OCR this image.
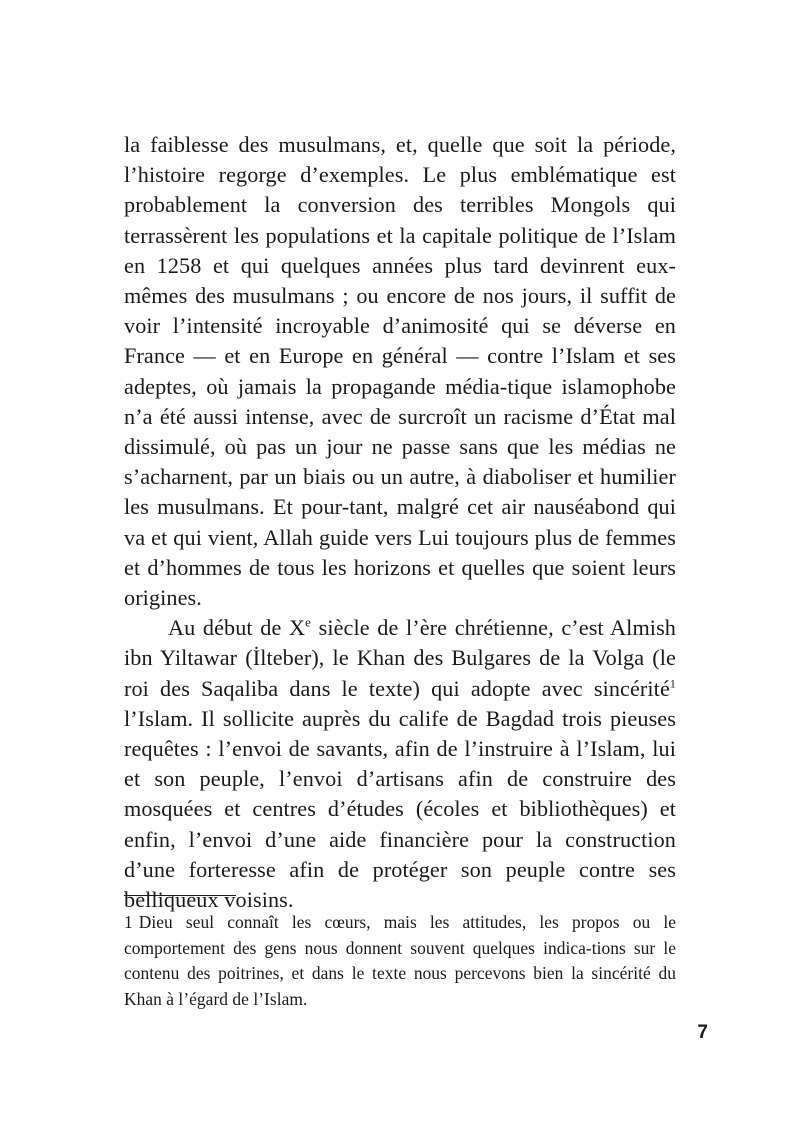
la faiblesse des musulmans, et, quelle que soit la période, l’histoire regorge d’exemples. Le plus emblématique est probablement la conversion des terribles Mongols qui terrassèrent les populations et la capitale politique de l’Islam en 1258 et qui quelques années plus tard devinrent eux-mêmes des musulmans ; ou encore de nos jours, il suffit de voir l’intensité incroyable d’animosité qui se déverse en France — et en Europe en général — contre l’Islam et ses adeptes, où jamais la propagande média-tique islamophobe n’a été aussi intense, avec de surcroît un racisme d’État mal dissimulé, où pas un jour ne passe sans que les médias ne s’acharnent, par un biais ou un autre, à diaboliser et humilier les musulmans. Et pour-tant, malgré cet air nauséabond qui va et qui vient, Allah guide vers Lui toujours plus de femmes et d’hommes de tous les horizons et quelles que soient leurs origines.

Au début de Xe siècle de l’ère chrétienne, c’est Almish ibn Yiltawar (İlteber), le Khan des Bulgares de la Volga (le roi des Saqaliba dans le texte) qui adopte avec sincérité$^1$ l’Islam. Il sollicite auprès du calife de Bagdad trois pieuses requêtes : l’envoi de savants, afin de l’instruire à l’Islam, lui et son peuple, l’envoi d’artisans afin de construire des mosquées et centres d’études (écoles et bibliothèques) et enfin, l’envoi d’une aide financière pour la construction d’une forteresse afin de protéger son peuple contre ses belliqueux voisins.

1 Dieu seul connaît les cœurs, mais les attitudes, les propos ou le comportement des gens nous donnent souvent quelques indica-tions sur le contenu des poitrines, et dans le texte nous percevons bien la sincérité du Khan à l’égard de l’Islam.

7
